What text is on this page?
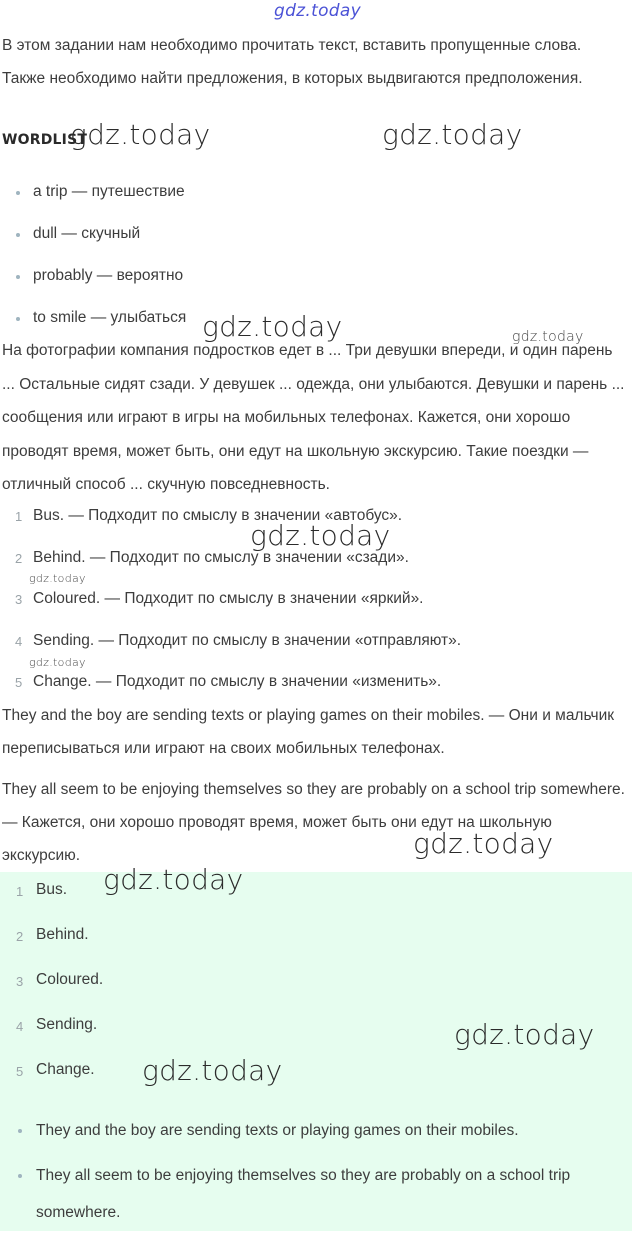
В этом задании нам необходимо прочитать текст, вставить пропущенные слова. Также необходимо найти предложения, в которых выдвигаются предположения.

WORDLIST
a trip — путешествие
dull — скучный
probably — вероятно
to smile — улыбаться

На фотографии компания подростков едет в ... Три девушки впереди, и один парень ... Остальные сидят сзади. У девушек ... одежда, они улыбаются. Девушки и парень ... сообщения или играют в игры на мобильных телефонах. Кажется, они хорошо проводят время, может быть, они едут на школьную экскурсию. Такие поездки — отличный способ ... скучную повседневность.

1 Bus. — Подходит по смыслу в значении «автобус».
2 Behind. — Подходит по смыслу в значении «сзади».
3 Coloured. — Подходит по смыслу в значении «яркий».
4 Sending. — Подходит по смыслу в значении «отправляют».
5 Change. — Подходит по смыслу в значении «изменить».

They and the boy are sending texts or playing games on their mobiles. — Они и мальчик переписываться или играют на своих мобильных телефонах.

They all seem to be enjoying themselves so they are probably on a school trip somewhere. — Кажется, они хорошо проводят время, может быть они едут на школьную экскурсию.

1 Bus.
2 Behind.
3 Coloured.
4 Sending.
5 Change.
They and the boy are sending texts or playing games on their mobiles.
They all seem to be enjoying themselves so they are probably on a school trip somewhere.
gdz.today
gdz.today	gdz.today
gdz.today	gdz.today
gdz.today
gdz.today
gdz.today
gdz.today
gdz.today
gdz.today
gdz.today
